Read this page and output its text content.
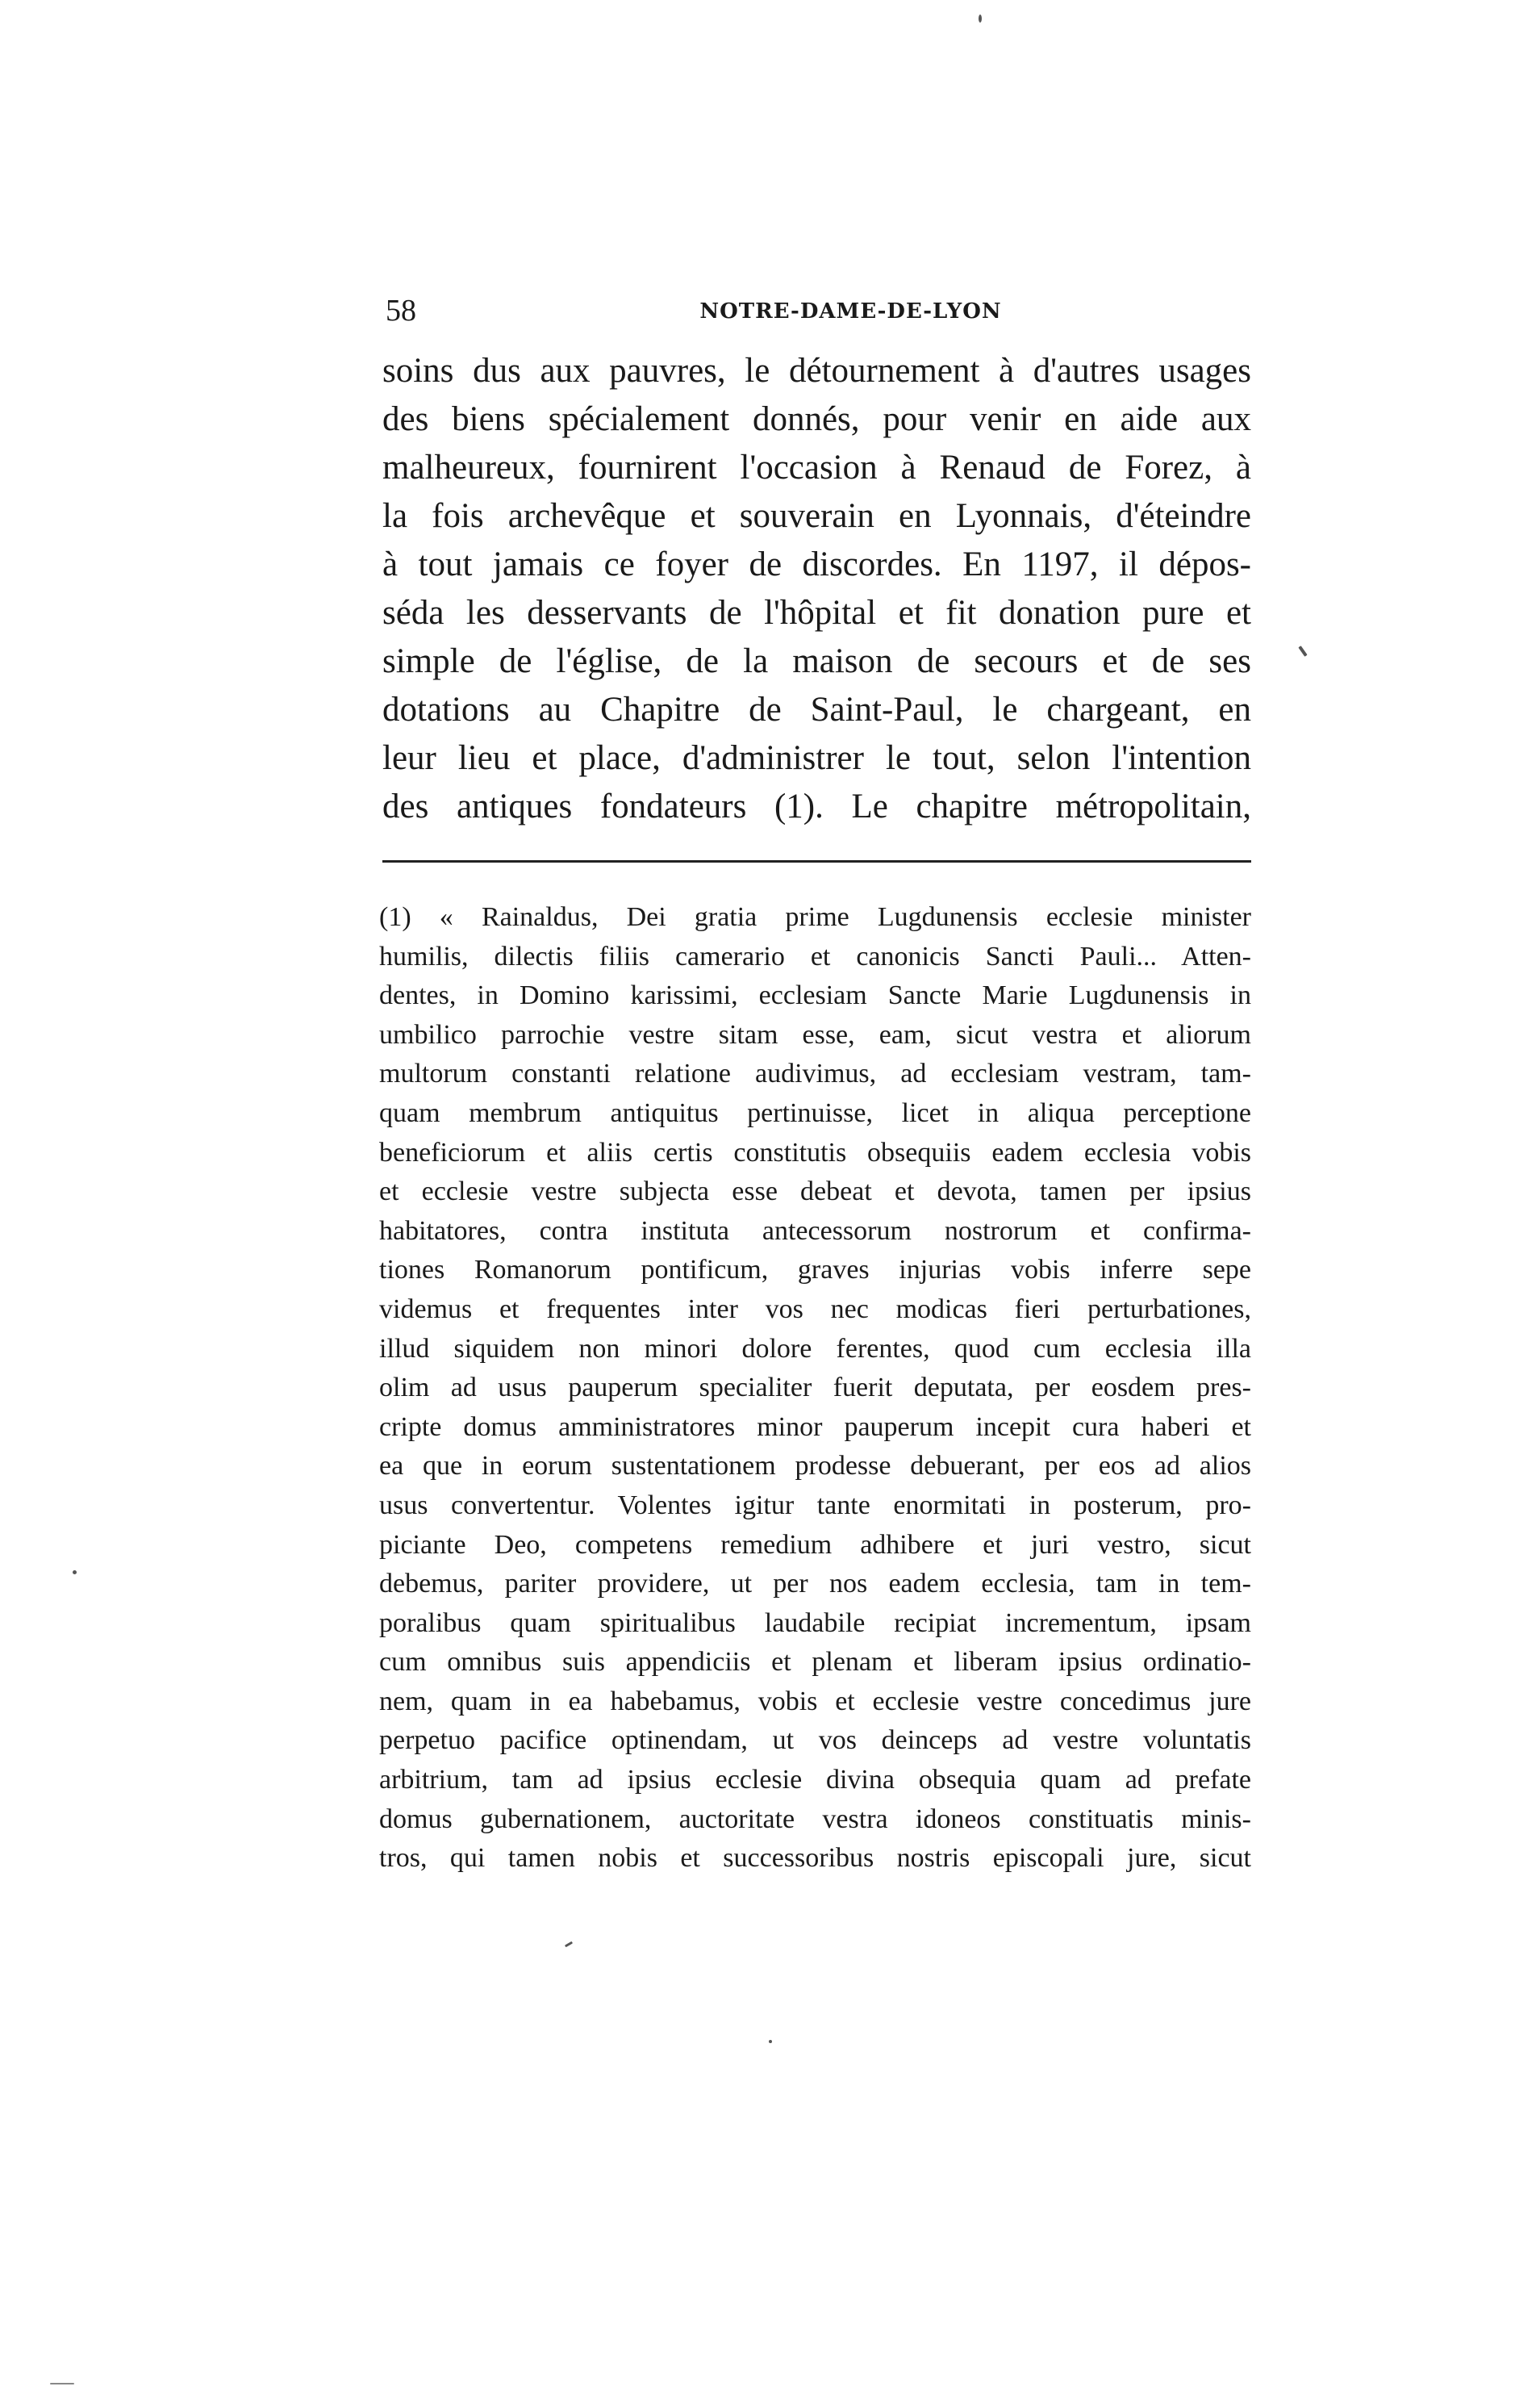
58	NOTRE-DAME-DE-LYON
soins dus aux pauvres, le détournement à d'autres usages
des biens spécialement donnés, pour venir en aide aux
malheureux, fournirent l'occasion à Renaud de Forez, à
la fois archevêque et souverain en Lyonnais, d'éteindre
à tout jamais ce foyer de discordes. En 1197, il dépos-
séda les desservants de l'hôpital et fit donation pure et
simple de l'église, de la maison de secours et de ses
dotations au Chapitre de Saint-Paul, le chargeant, en
leur lieu et place, d'administrer le tout, selon l'intention
des antiques fondateurs (1). Le chapitre métropolitain,
(1) « Rainaldus, Dei gratia prime Lugdunensis ecclesie minister
humilis, dilectis filiis camerario et canonicis Sancti Pauli... Atten-
dentes, in Domino karissimi, ecclesiam Sancte Marie Lugdunensis in
umbilico parrochie vestre sitam esse, eam, sicut vestra et aliorum
multorum constanti relatione audivimus, ad ecclesiam vestram, tam-
quam membrum antiquitus pertinuisse, licet in aliqua perceptione
beneficiorum et aliis certis constitutis obsequiis eadem ecclesia vobis
et ecclesie vestre subjecta esse debeat et devota, tamen per ipsius
habitatores, contra instituta antecessorum nostrorum et confirma-
tiones Romanorum pontificum, graves injurias vobis inferre sepe
videmus et frequentes inter vos nec modicas fieri perturbationes,
illud siquidem non minori dolore ferentes, quod cum ecclesia illa
olim ad usus pauperum specialiter fuerit deputata, per eosdem pres-
cripte domus amministratores minor pauperum incepit cura haberi et
ea que in eorum sustentationem prodesse debuerant, per eos ad alios
usus convertentur. Volentes igitur tante enormitati in posterum, pro-
piciante Deo, competens remedium adhibere et juri vestro, sicut
debemus, pariter providere, ut per nos eadem ecclesia, tam in tem-
poralibus quam spiritualibus laudabile recipiat incrementum, ipsam
cum omnibus suis appendiciis et plenam et liberam ipsius ordinatio-
nem, quam in ea habebamus, vobis et ecclesie vestre concedimus jure
perpetuo pacifice optinendam, ut vos deinceps ad vestre voluntatis
arbitrium, tam ad ipsius ecclesie divina obsequia quam ad prefate
domus gubernationem, auctoritate vestra idoneos constituatis minis-
tros, qui tamen nobis et successoribus nostris episcopali jure, sicut
